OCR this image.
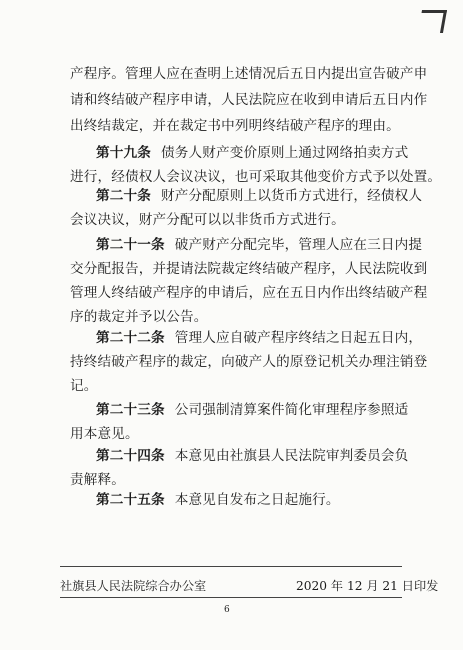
产程序。管理人应在查明上述情况后五日内提出宣告破产申
请和终结破产程序申请，人民法院应在收到申请后五日内作
出终结裁定，并在裁定书中列明终结破产程序的理由。
第十九条 债务人财产变价原则上通过网络拍卖方式
进行，经债权人会议决议，也可采取其他变价方式予以处置。
第二十条 财产分配原则上以货币方式进行，经债权人
会议决议，财产分配可以以非货币方式进行。
第二十一条 破产财产分配完毕，管理人应在三日内提
交分配报告，并提请法院裁定终结破产程序，人民法院收到
管理人终结破产程序的申请后，应在五日内作出终结破产程
序的裁定并予以公告。
第二十二条 管理人应自破产程序终结之日起五日内，
持终结破产程序的裁定，向破产人的原登记机关办理注销登
记。
第二十三条 公司强制清算案件简化审理程序参照适
用本意见。
第二十四条 本意见由社旗县人民法院审判委员会负
责解释。
第二十五条 本意见自发布之日起施行。
社旗县人民法院综合办公室	2020 年 12 月 21 日印发
6
